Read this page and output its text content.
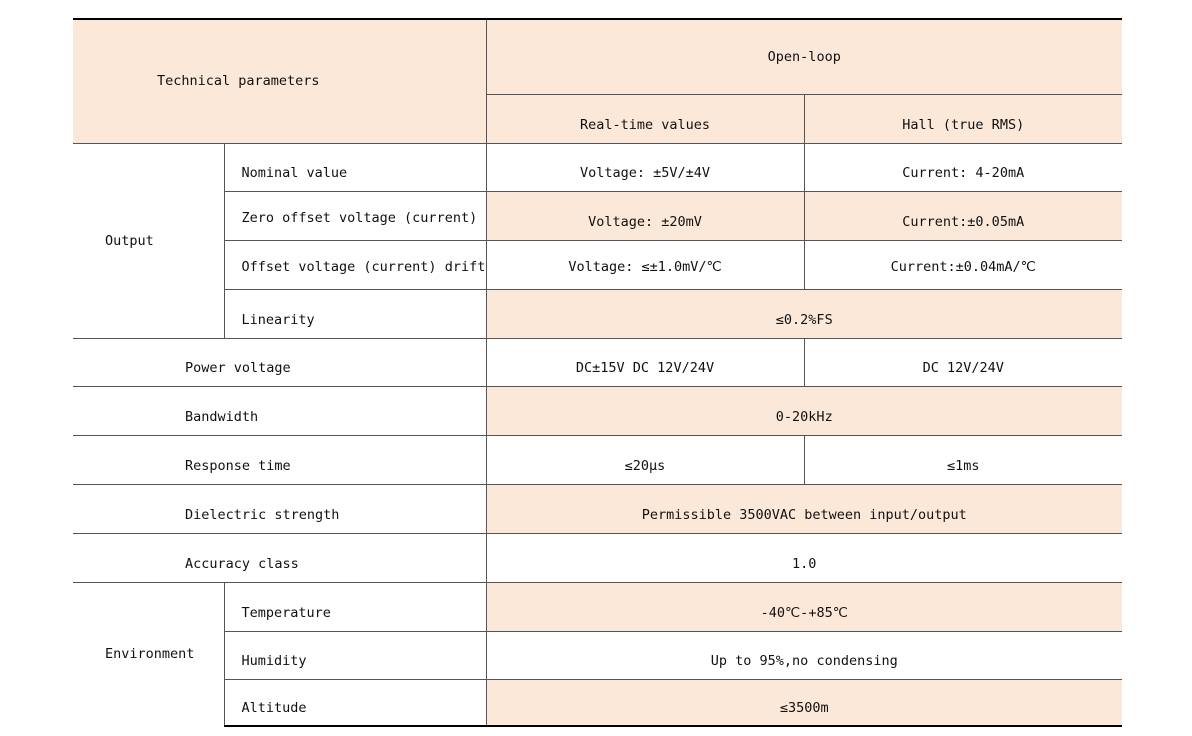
Technical parameters		Open-loop	
		Real-time values	Hall (true RMS)
Output	Nominal value	Voltage: ±5V/±4V	Current: 4-20mA
	Zero offset voltage (current)	Voltage: ±20mV	Current:±0.05mA
	Offset voltage (current) drift	Voltage: ≤±1.0mV/℃	Current:±0.04mA/℃
	Linearity	≤0.2%FS	
Power voltage		DC±15V DC 12V/24V	DC 12V/24V
Bandwidth		0-20kHz	
Response time		≤20μs	≤1ms
Dielectric strength		Permissible 3500VAC between input/output	
Accuracy class		1.0	
Environment	Temperature	-40℃-+85℃	
	Humidity	Up to 95%,no condensing	
	Altitude	≤3500m	
